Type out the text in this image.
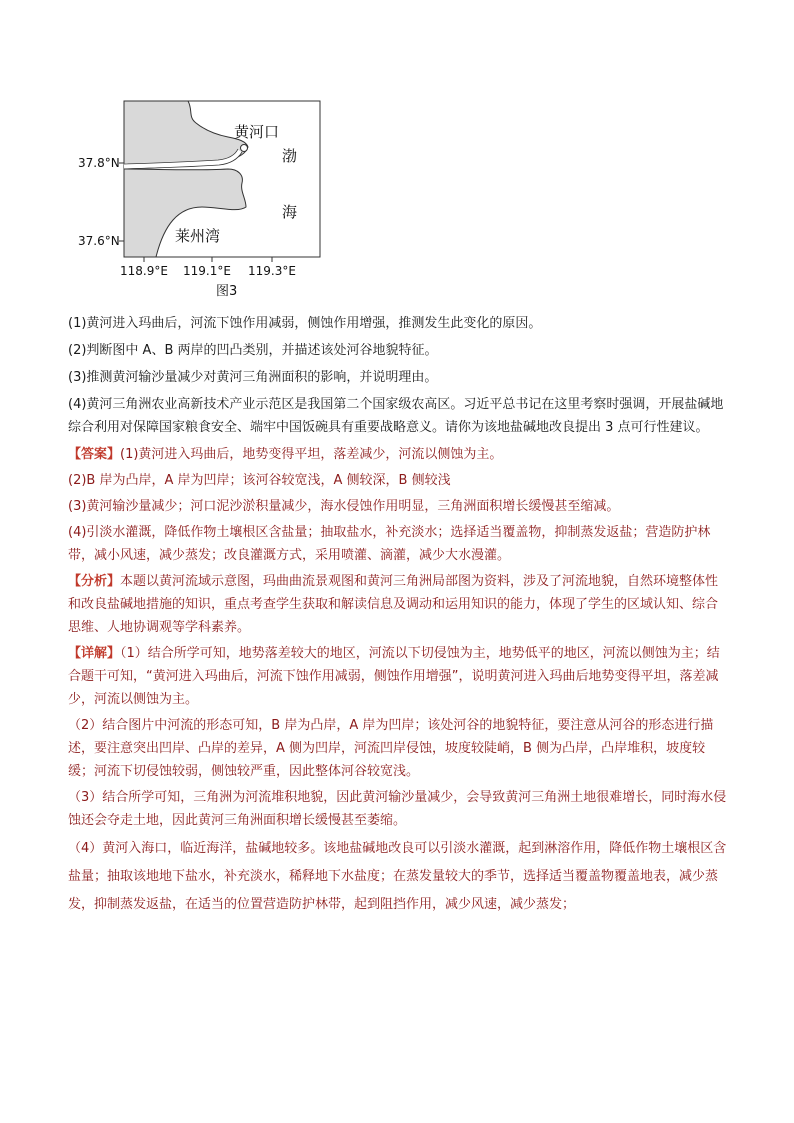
黄河口
渤
海
莱州湾
37.8°N
37.6°N
118.9°E 119.1°E 119.3°E
图3

(1)黄河进入玛曲后，河流下蚀作用减弱，侧蚀作用增强，推测发生此变化的原因。

(2)判断图中 A、B 两岸的凹凸类别，并描述该处河谷地貌特征。

(3)推测黄河输沙量减少对黄河三角洲面积的影响，并说明理由。

(4)黄河三角洲农业高新技术产业示范区是我国第二个国家级农高区。习近平总书记在这里考察时强调，开展盐碱地综合利用对保障国家粮食安全、端牢中国饭碗具有重要战略意义。请你为该地盐碱地改良提出 3 点可行性建议。

【答案】(1)黄河进入玛曲后，地势变得平坦，落差减少，河流以侧蚀为主。

(2)B 岸为凸岸，A 岸为凹岸；该河谷较宽浅，A 侧较深，B 侧较浅

(3)黄河输沙量减少；河口泥沙淤积量减少，海水侵蚀作用明显，三角洲面积增长缓慢甚至缩减。

(4)引淡水灌溉，降低作物土壤根区含盐量；抽取盐水，补充淡水；选择适当覆盖物，抑制蒸发返盐；营造防护林带，减小风速，减少蒸发；改良灌溉方式，采用喷灌、滴灌，减少大水漫灌。

【分析】本题以黄河流域示意图，玛曲曲流景观图和黄河三角洲局部图为资料，涉及了河流地貌，自然环境整体性和改良盐碱地措施的知识，重点考查学生获取和解读信息及调动和运用知识的能力，体现了学生的区域认知、综合思维、人地协调观等学科素养。

【详解】（1）结合所学可知，地势落差较大的地区，河流以下切侵蚀为主，地势低平的地区，河流以侧蚀为主；结合题干可知，“黄河进入玛曲后，河流下蚀作用减弱，侧蚀作用增强”，说明黄河进入玛曲后地势变得平坦，落差减少，河流以侧蚀为主。

（2）结合图片中河流的形态可知，B 岸为凸岸，A 岸为凹岸；该处河谷的地貌特征，要注意从河谷的形态进行描述，要注意突出凹岸、凸岸的差异，A 侧为凹岸，河流凹岸侵蚀，坡度较陡峭，B 侧为凸岸，凸岸堆积，坡度较缓；河流下切侵蚀较弱，侧蚀较严重，因此整体河谷较宽浅。

（3）结合所学可知，三角洲为河流堆积地貌，因此黄河输沙量减少，会导致黄河三角洲土地很难增长，同时海水侵蚀还会夺走土地，因此黄河三角洲面积增长缓慢甚至萎缩。

（4）黄河入海口，临近海洋，盐碱地较多。该地盐碱地改良可以引淡水灌溉，起到淋溶作用，降低作物土壤根区含盐量；抽取该地地下盐水，补充淡水，稀释地下水盐度；在蒸发量较大的季节，选择适当覆盖物覆盖地表，减少蒸发，抑制蒸发返盐，在适当的位置营造防护林带，起到阻挡作用，减少风速，减少蒸发；
